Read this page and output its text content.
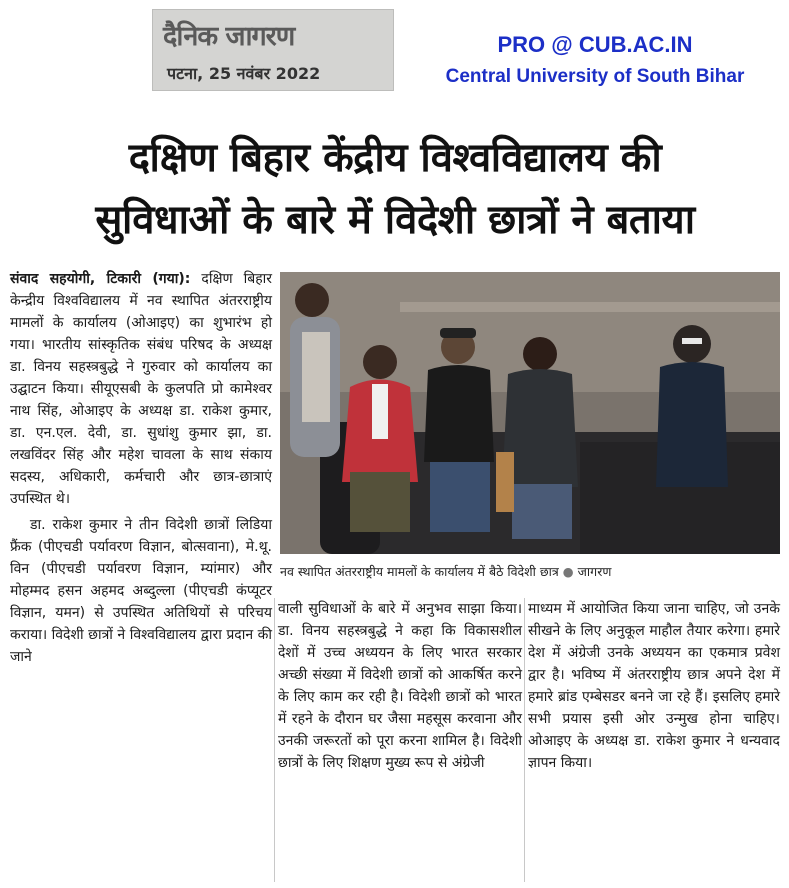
दैनिक जागरण
पटना, 25 नवंबर 2022
PRO @ CUB.AC.IN
Central University of South Bihar
दक्षिण बिहार केंद्रीय विश्वविद्यालय की
सुविधाओं के बारे में विदेशी छात्रों ने बताया

संवाद सहयोगी, टिकारी (गया): दक्षिण बिहार केन्द्रीय विश्वविद्यालय में नव स्थापित अंतरराष्ट्रीय मामलों के कार्यालय (ओआइए) का शुभारंभ हो गया। भारतीय सांस्कृतिक संबंध परिषद के अध्यक्ष डा. विनय सहस्त्रबुद्धे ने गुरुवार को कार्यालय का उद्घाटन किया। सीयूएसबी के कुलपति प्रो कामेश्वर नाथ सिंह, ओआइए के अध्यक्ष डा. राकेश कुमार, डा. एन.एल. देवी, डा. सुधांशु कुमार झा, डा. लखविंदर सिंह और महेश चावला के साथ संकाय सदस्य, अधिकारी, कर्मचारी और छात्र-छात्राएं उपस्थित थे।

डा. राकेश कुमार ने तीन विदेशी छात्रों लिडिया फ्रैंक (पीएचडी पर्यावरण विज्ञान, बोत्सवाना), मे.थू. विन (पीएचडी पर्यावरण विज्ञान, म्यांमार) और मोहम्मद हसन अहमद अब्दुल्ला (पीएचडी कंप्यूटर विज्ञान, यमन) से उपस्थित अतिथियों से परिचय कराया। विदेशी छात्रों ने विश्वविद्यालय द्वारा प्रदान की जाने

नव स्थापित अंतरराष्ट्रीय मामलों के कार्यालय में बैठे विदेशी छात्र ● जागरण

वाली सुविधाओं के बारे में अनुभव साझा किया। डा. विनय सहस्त्रबुद्धे ने कहा कि विकासशील देशों में उच्च अध्ययन के लिए भारत सरकार अच्छी संख्या में विदेशी छात्रों को आकर्षित करने के लिए काम कर रही है। विदेशी छात्रों को भारत में रहने के दौरान घर जैसा महसूस करवाना और उनकी जरूरतों को पूरा करना शामिल है। विदेशी छात्रों के लिए शिक्षण मुख्य रूप से अंग्रेजी

माध्यम में आयोजित किया जाना चाहिए, जो उनके सीखने के लिए अनुकूल माहौल तैयार करेगा। हमारे देश में अंग्रेजी उनके अध्ययन का एकमात्र प्रवेश द्वार है। भविष्य में अंतरराष्ट्रीय छात्र अपने देश में हमारे ब्रांड एम्बेसडर बनने जा रहे हैं। इसलिए हमारे सभी प्रयास इसी ओर उन्मुख होना चाहिए। ओआइए के अध्यक्ष डा. राकेश कुमार ने धन्यवाद ज्ञापन किया।
